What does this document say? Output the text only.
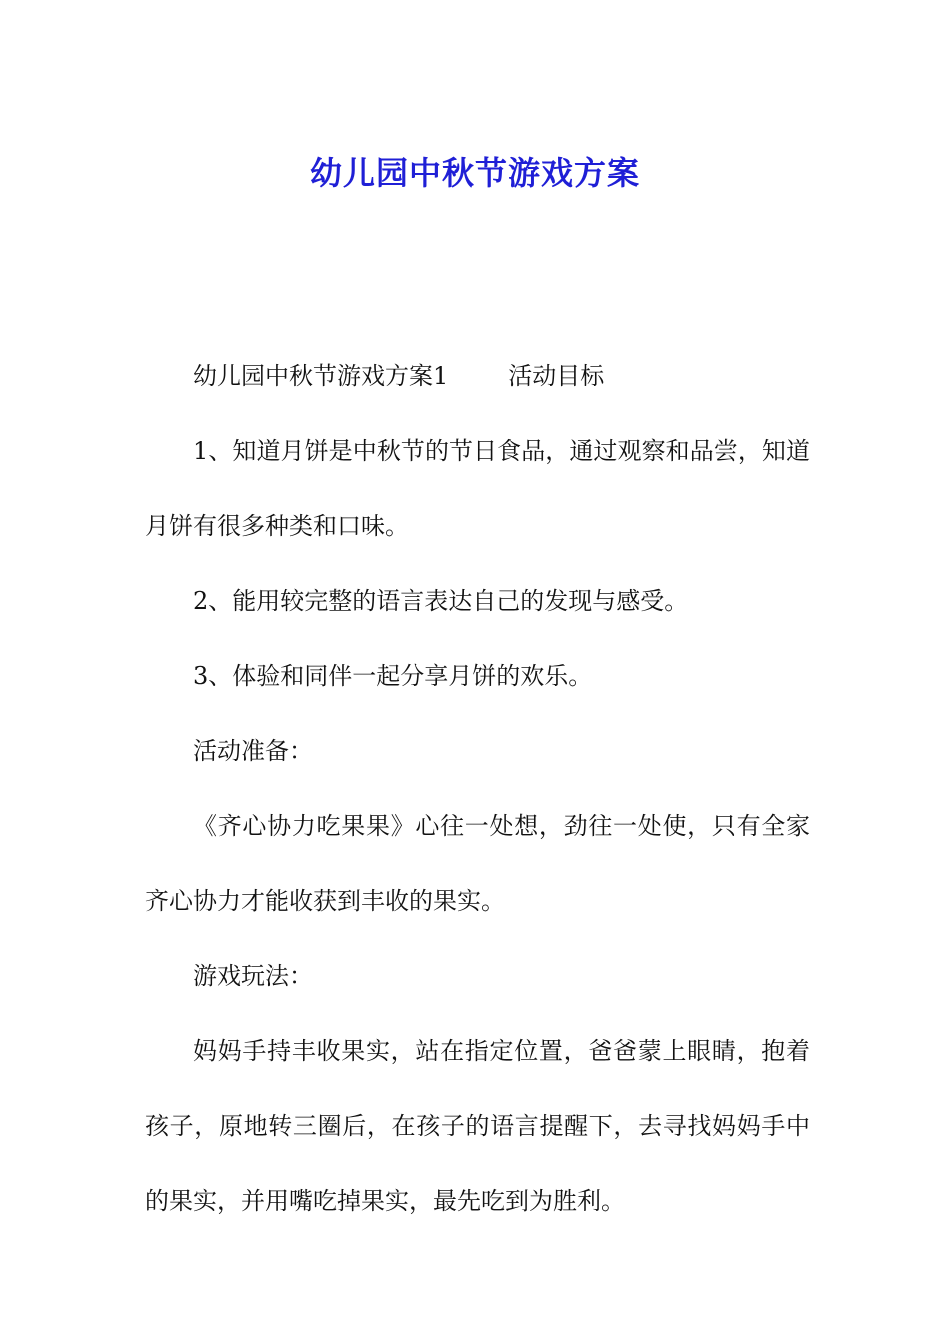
幼儿园中秋节游戏方案

幼儿园中秋节游戏方案1	活动目标

1、知道月饼是中秋节的节日食品，通过观察和品尝，知道月饼有很多种类和口味。

2、能用较完整的语言表达自己的发现与感受。

3、体验和同伴一起分享月饼的欢乐。

活动准备：

《齐心协力吃果果》心往一处想，劲往一处使，只有全家齐心协力才能收获到丰收的果实。

游戏玩法：

妈妈手持丰收果实，站在指定位置，爸爸蒙上眼睛，抱着孩子，原地转三圈后，在孩子的语言提醒下，去寻找妈妈手中的果实，并用嘴吃掉果实，最先吃到为胜利。
